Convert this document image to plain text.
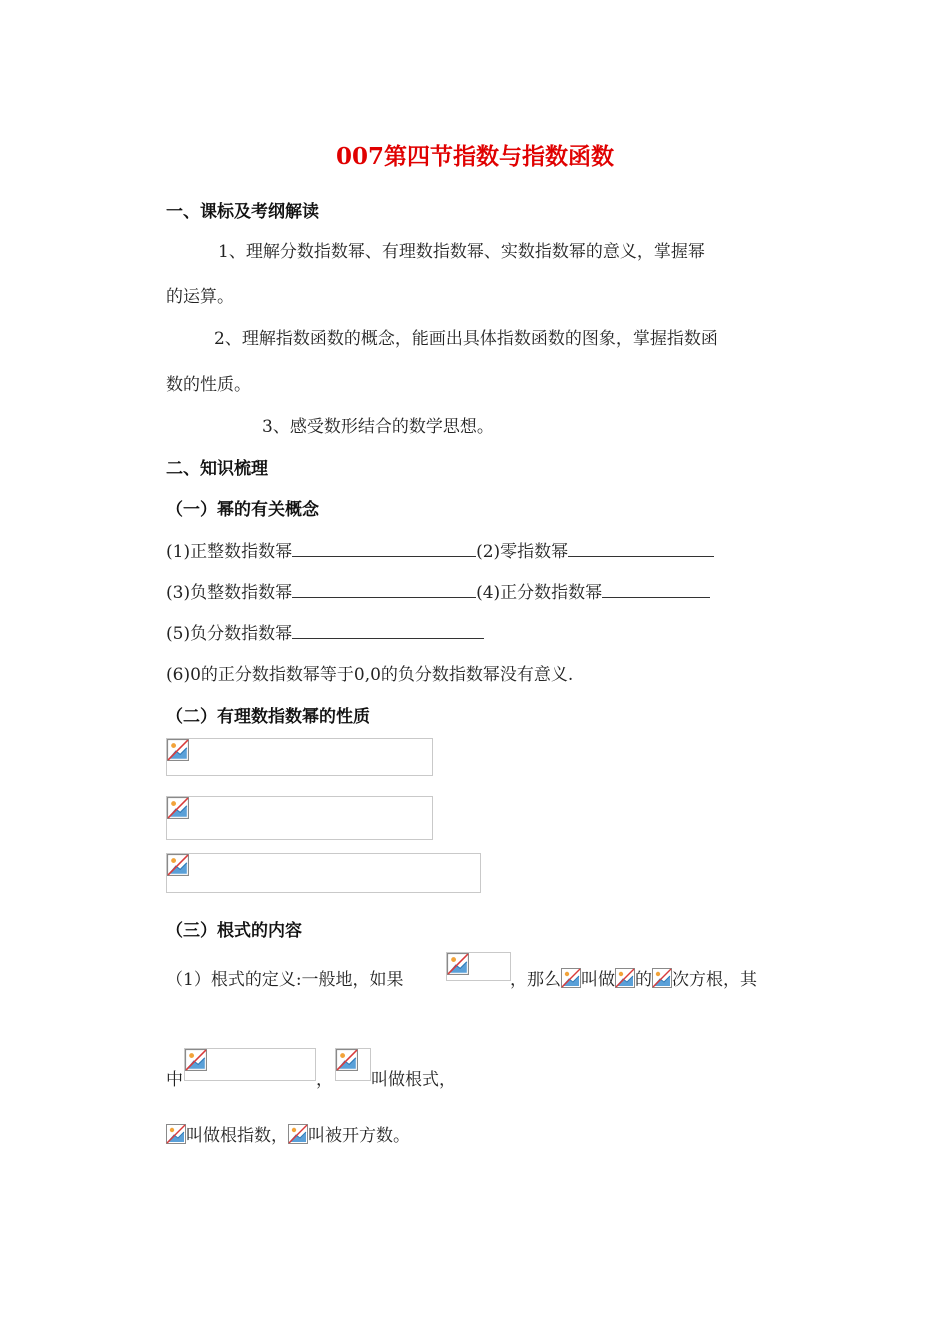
007第四节指数与指数函数
一、课标及考纲解读
1、理解分数指数幂、有理数指数幂、实数指数幂的意义，掌握幂
的运算。
2、理解指数函数的概念，能画出具体指数函数的图象，掌握指数函
数的性质。
3、感受数形结合的数学思想。
二、知识梳理
（一）幂的有关概念
(1)正整数指数幂	(2)零指数幂
(3)负整数指数幂	(4)正分数指数幂
(5)负分数指数幂
(6)0的正分数指数幂等于0,0的负分数指数幂没有意义.
（二）有理数指数幂的性质
（三）根式的内容
（1）根式的定义:一般地，如果	，那么 叫做 的 次方根，其
中	， 叫做根式，
叫做根指数， 叫被开方数。
